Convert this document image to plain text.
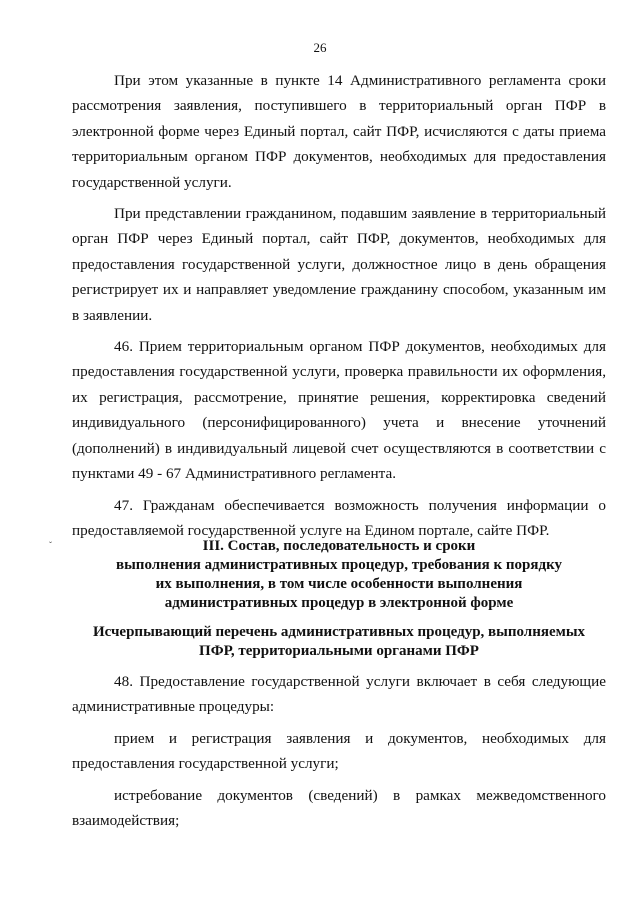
26
ˇ

При этом указанные в пункте 14 Административного регламента сроки рассмотрения заявления, поступившего в территориальный орган ПФР в электронной форме через Единый портал, сайт ПФР, исчисляются с даты приема территориальным органом ПФР документов, необходимых для предоставления государственной услуги.

При представлении гражданином, подавшим заявление в территориальный орган ПФР через Единый портал, сайт ПФР, документов, необходимых для предоставления государственной услуги, должностное лицо в день обращения регистрирует их и направляет уведомление гражданину способом, указанным им в заявлении.

46. Прием территориальным органом ПФР документов, необходимых для предоставления государственной услуги, проверка правильности их оформления, их регистрация, рассмотрение, принятие решения, корректировка сведений индивидуального (персонифицированного) учета и внесение уточнений (дополнений) в индивидуальный лицевой счет осуществляются в соответствии с пунктами 49 - 67 Административного регламента.

47. Гражданам обеспечивается возможность получения информации о предоставляемой государственной услуге на Едином портале, сайте ПФР.

III. Состав, последовательность и сроки
выполнения административных процедур, требования к порядку
их выполнения, в том числе особенности выполнения
административных процедур в электронной форме
Исчерпывающий перечень административных процедур, выполняемых
ПФР, территориальными органами ПФР

48. Предоставление государственной услуги включает в себя следующие административные процедуры:

прием и регистрация заявления и документов, необходимых для предоставления государственной услуги;

истребование документов (сведений) в рамках межведомственного взаимодействия;
